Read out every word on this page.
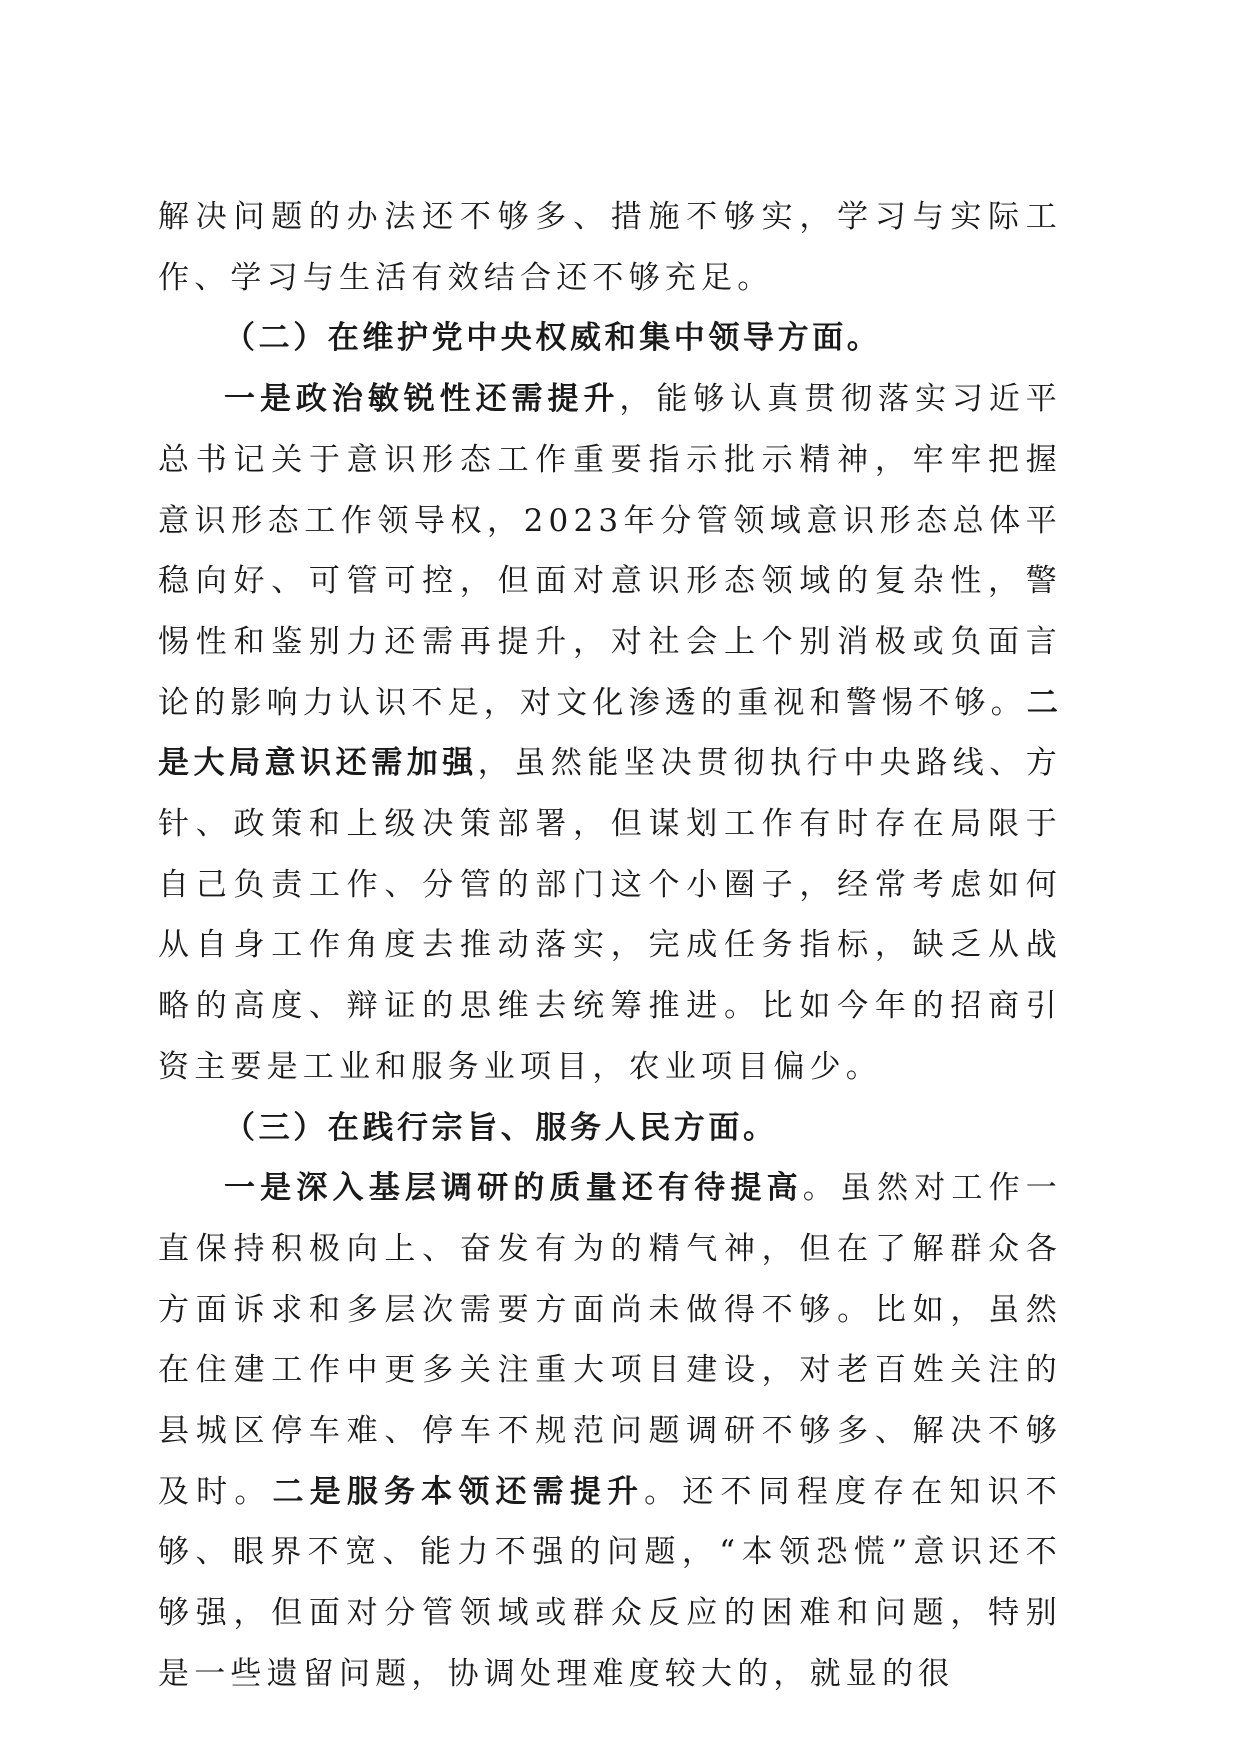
解决问题的办法还不够多、措施不够实，学习与实际工作、学习与生活有效结合还不够充足。

（二）在维护党中央权威和集中领导方面。

一是政治敏锐性还需提升，能够认真贯彻落实习近平总书记关于意识形态工作重要指示批示精神，牢牢把握意识形态工作领导权，2023年分管领域意识形态总体平稳向好、可管可控，但面对意识形态领域的复杂性，警惕性和鉴别力还需再提升，对社会上个别消极或负面言论的影响力认识不足，对文化渗透的重视和警惕不够。二是大局意识还需加强，虽然能坚决贯彻执行中央路线、方针、政策和上级决策部署，但谋划工作有时存在局限于自己负责工作、分管的部门这个小圈子，经常考虑如何从自身工作角度去推动落实，完成任务指标，缺乏从战略的高度、辩证的思维去统筹推进。比如今年的招商引资主要是工业和服务业项目，农业项目偏少。

（三）在践行宗旨、服务人民方面。

一是深入基层调研的质量还有待提高。虽然对工作一直保持积极向上、奋发有为的精气神，但在了解群众各方面诉求和多层次需要方面尚未做得不够。比如，虽然在住建工作中更多关注重大项目建设，对老百姓关注的县城区停车难、停车不规范问题调研不够多、解决不够及时。二是服务本领还需提升。还不同程度存在知识不够、眼界不宽、能力不强的问题，“本领恐慌”意识还不够强，但面对分管领域或群众反应的困难和问题，特别是一些遗留问题，协调处理难度较大的，就显的很
